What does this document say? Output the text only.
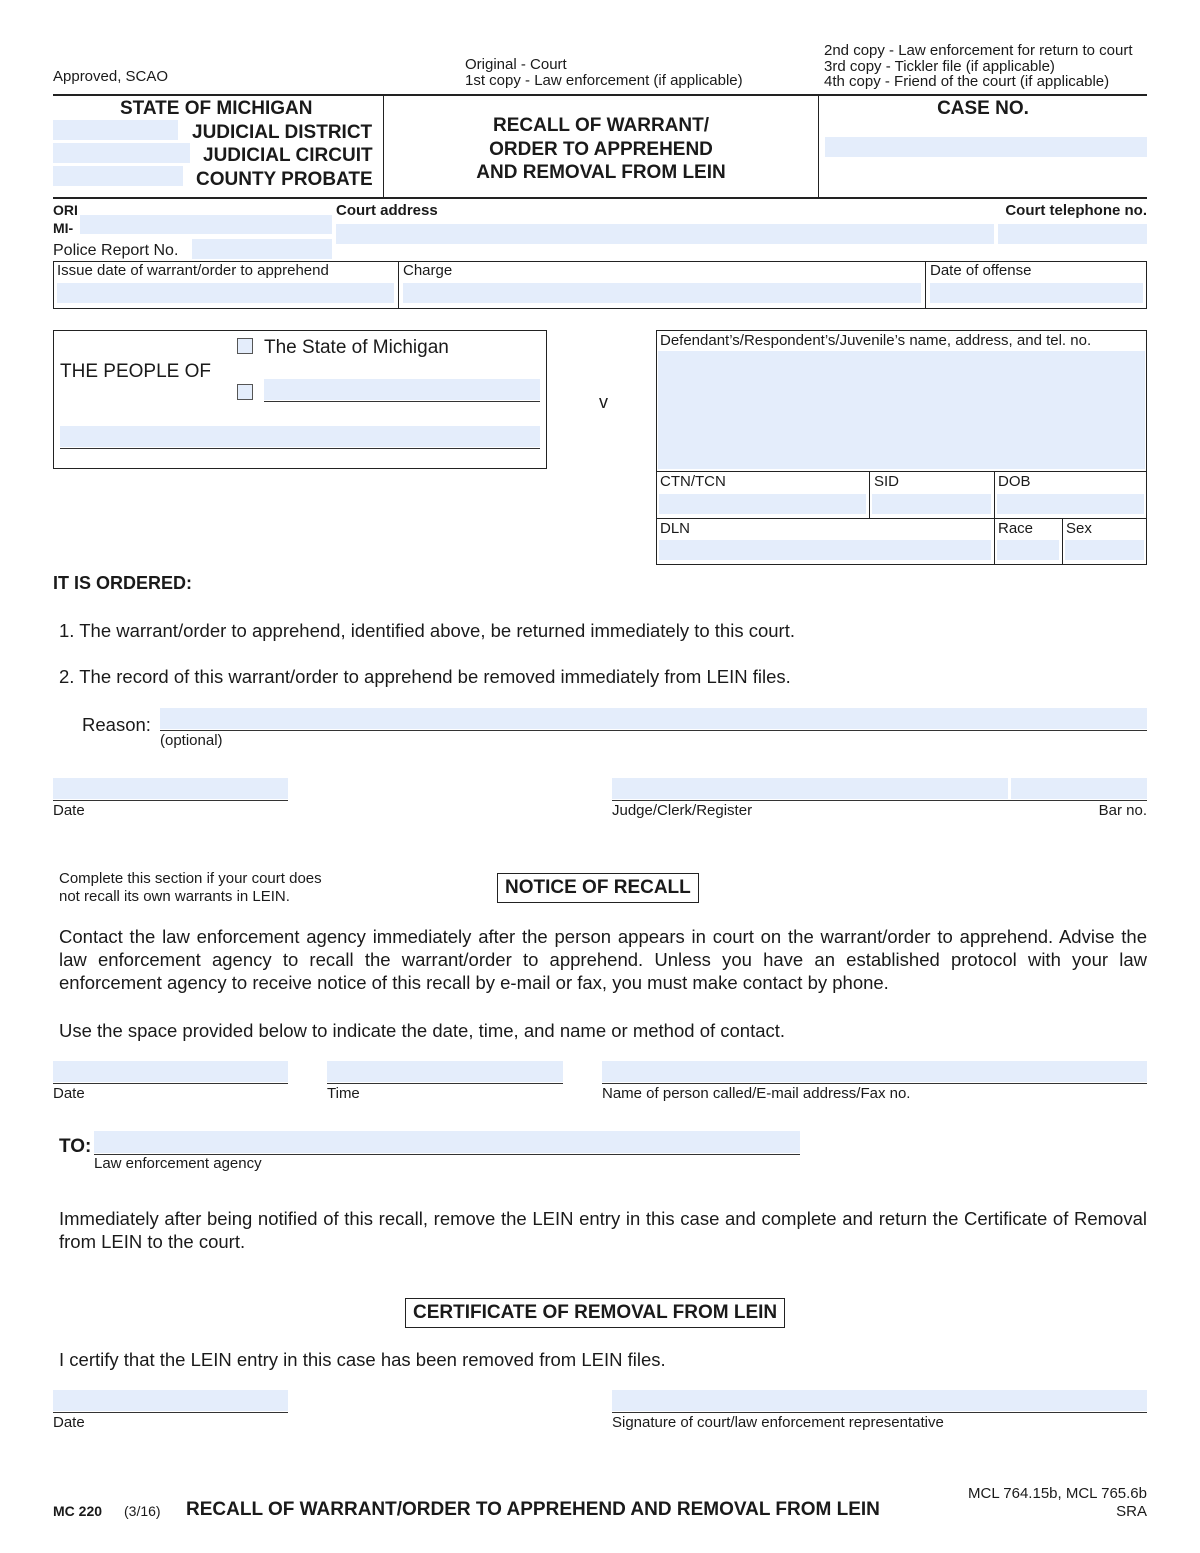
Approved, SCAO
Original - Court
1st copy - Law enforcement (if applicable)
2nd copy - Law enforcement for return to court
3rd copy - Tickler file (if applicable)
4th copy - Friend of the court (if applicable)
STATE OF MICHIGAN
JUDICIAL DISTRICT
JUDICIAL CIRCUIT
COUNTY PROBATE
RECALL OF WARRANT/
ORDER TO APPREHEND
AND REMOVAL FROM LEIN
CASE NO.
ORI
MI-
Court address	Court telephone no.
Police Report No.
Issue date of warrant/order to apprehend	Charge	Date of offense
THE PEOPLE OF
The State of Michigan
v
Defendant’s/Respondent’s/Juvenile’s name, address, and tel. no.
CTN/TCN	SID	DOB
DLN	Race Sex
IT IS ORDERED:
1. The warrant/order to apprehend, identified above, be returned immediately to this court.
2. The record of this warrant/order to apprehend be removed immediately from LEIN files.
Reason:
(optional)
Date	Judge/Clerk/Register	Bar no.
Complete this section if your court does
not recall its own warrants in LEIN.	NOTICE OF RECALL
Contact the law enforcement agency immediately after the person appears in court on the warrant/order to apprehend. Advise the law enforcement agency to recall the warrant/order to apprehend. Unless you have an established protocol with your law enforcement agency to receive notice of this recall by e-mail or fax, you must make contact by phone.
Use the space provided below to indicate the date, time, and name or method of contact.
Date	Time	Name of person called/E-mail address/Fax no.
TO:
Law enforcement agency
Immediately after being notified of this recall, remove the LEIN entry in this case and complete and return the Certificate of Removal from LEIN to the court.
CERTIFICATE OF REMOVAL FROM LEIN
I certify that the LEIN entry in this case has been removed from LEIN files.
Date	Signature of court/law enforcement representative
MC 220 (3/16) RECALL OF WARRANT/ORDER TO APPREHEND AND REMOVAL FROM LEIN
MCL 764.15b, MCL 765.6b
SRA
